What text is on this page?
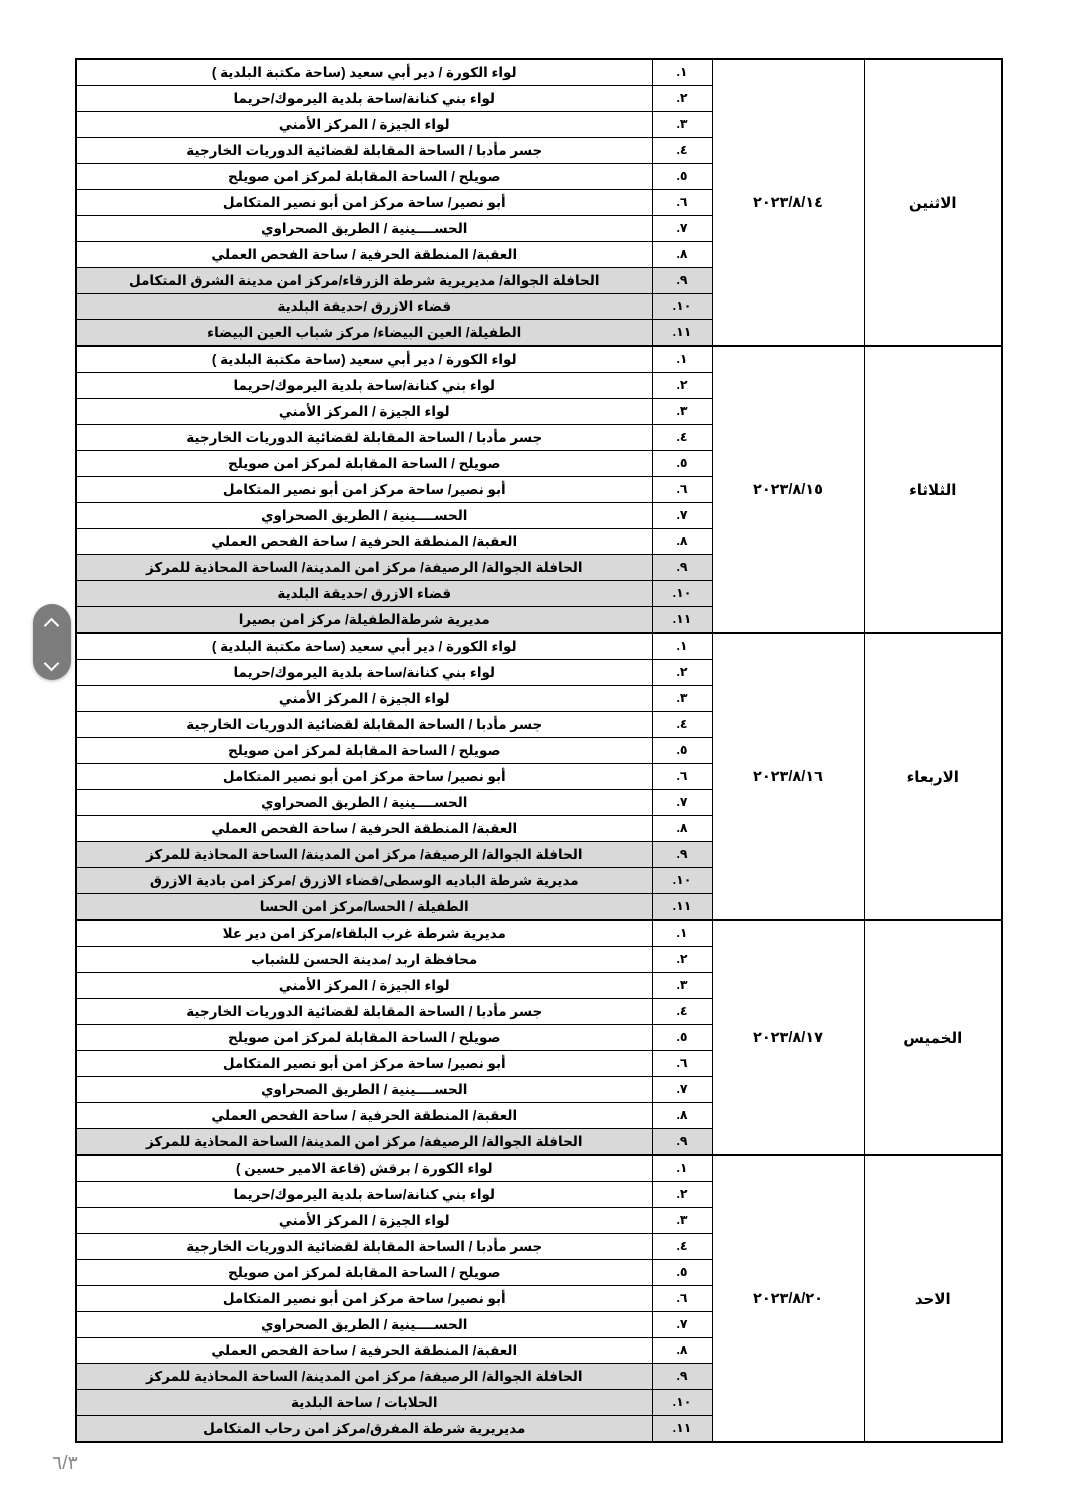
الاثنين	٢٠٢٣/٨/١٤	١.	لواء الكورة / دير أبي سعيد (ساحة مكتبة البلدية )
		٢.	لواء بني كنانة/ساحة بلدية اليرموك/حريما
		٣.	لواء الجيزة / المركز الأمني
		٤.	جسر مأدبا / الساحة المقابلة لقضائية الدوريات الخارجية
		٥.	صويلح / الساحة المقابلة لمركز امن صويلح
		٦.	أبو نصير/ ساحة مركز امن أبو نصير المتكامل
		٧.	الحســــينية / الطريق الصحراوي
		٨.	العقبة/ المنطقة الحرفية / ساحة الفحص العملي
		٩.	الحافلة الجوالة/ مديريرية شرطة الزرقاء/مركز امن مدينة الشرق المتكامل
		١٠.	قضاء الازرق /حديقة البلدية
		١١.	الطفيلة/ العين البيضاء/ مركز شباب العين البيضاء
الثلاثاء	٢٠٢٣/٨/١٥	١.	لواء الكورة / دير أبي سعيد (ساحة مكتبة البلدية )
		٢.	لواء بني كنانة/ساحة بلدية اليرموك/حريما
		٣.	لواء الجيزة / المركز الأمني
		٤.	جسر مأدبا / الساحة المقابلة لقضائية الدوريات الخارجية
		٥.	صويلح / الساحة المقابلة لمركز امن صويلح
		٦.	أبو نصير/ ساحة مركز امن أبو نصير المتكامل
		٧.	الحســــينية / الطريق الصحراوي
		٨.	العقبة/ المنطقة الحرفية / ساحة الفحص العملي
		٩.	الحافلة الجوالة/ الرصيفة/ مركز امن المدينة/ الساحة المحاذية للمركز
		١٠.	قضاء الازرق /حديقة البلدية
		١١.	مديرية شرطةالطفيلة/ مركز امن بصيرا
الاربعاء	٢٠٢٣/٨/١٦	١.	لواء الكورة / دير أبي سعيد (ساحة مكتبة البلدية )
		٢.	لواء بني كنانة/ساحة بلدية اليرموك/حريما
		٣.	لواء الجيزة / المركز الأمني
		٤.	جسر مأدبا / الساحة المقابلة لقضائية الدوريات الخارجية
		٥.	صويلح / الساحة المقابلة لمركز امن صويلح
		٦.	أبو نصير/ ساحة مركز امن أبو نصير المتكامل
		٧.	الحســــينية / الطريق الصحراوي
		٨.	العقبة/ المنطقة الحرفية / ساحة الفحص العملي
		٩.	الحافلة الجوالة/ الرصيفة/ مركز امن المدينة/ الساحة المحاذية للمركز
		١٠.	مديرية شرطة الباديه الوسطى/قضاء الازرق /مركز امن بادية الازرق
		١١.	الطفيلة / الحسا/مركز امن الحسا
الخميس	٢٠٢٣/٨/١٧	١.	مديرية شرطة غرب البلقاء/مركز امن دير علا
		٢.	محافظة اربد /مدينة الحسن للشباب
		٣.	لواء الجيزة / المركز الأمني
		٤.	جسر مأدبا / الساحة المقابلة لقضائية الدوريات الخارجية
		٥.	صويلح / الساحة المقابلة لمركز امن صويلح
		٦.	أبو نصير/ ساحة مركز امن أبو نصير المتكامل
		٧.	الحســــينية / الطريق الصحراوي
		٨.	العقبة/ المنطقة الحرفية / ساحة الفحص العملي
		٩.	الحافلة الجوالة/ الرصيفة/ مركز امن المدينة/ الساحة المحاذية للمركز
الاحد	٢٠٢٣/٨/٢٠	١.	لواء الكورة / برقش (قاعة الامير حسين )
		٢.	لواء بني كنانة/ساحة بلدية اليرموك/حريما
		٣.	لواء الجيزة / المركز الأمني
		٤.	جسر مأدبا / الساحة المقابلة لقضائية الدوريات الخارجية
		٥.	صويلح / الساحة المقابلة لمركز امن صويلح
		٦.	أبو نصير/ ساحة مركز امن أبو نصير المتكامل
		٧.	الحســــينية / الطريق الصحراوي
		٨.	العقبة/ المنطقة الحرفية / ساحة الفحص العملي
		٩.	الحافلة الجوالة/ الرصيفة/ مركز امن المدينة/ الساحة المحاذية للمركز
		١٠.	الحلابات / ساحة البلدية
		١١.	مديريرية شرطة المفرق/مركز امن رحاب المتكامل
٦/٣
